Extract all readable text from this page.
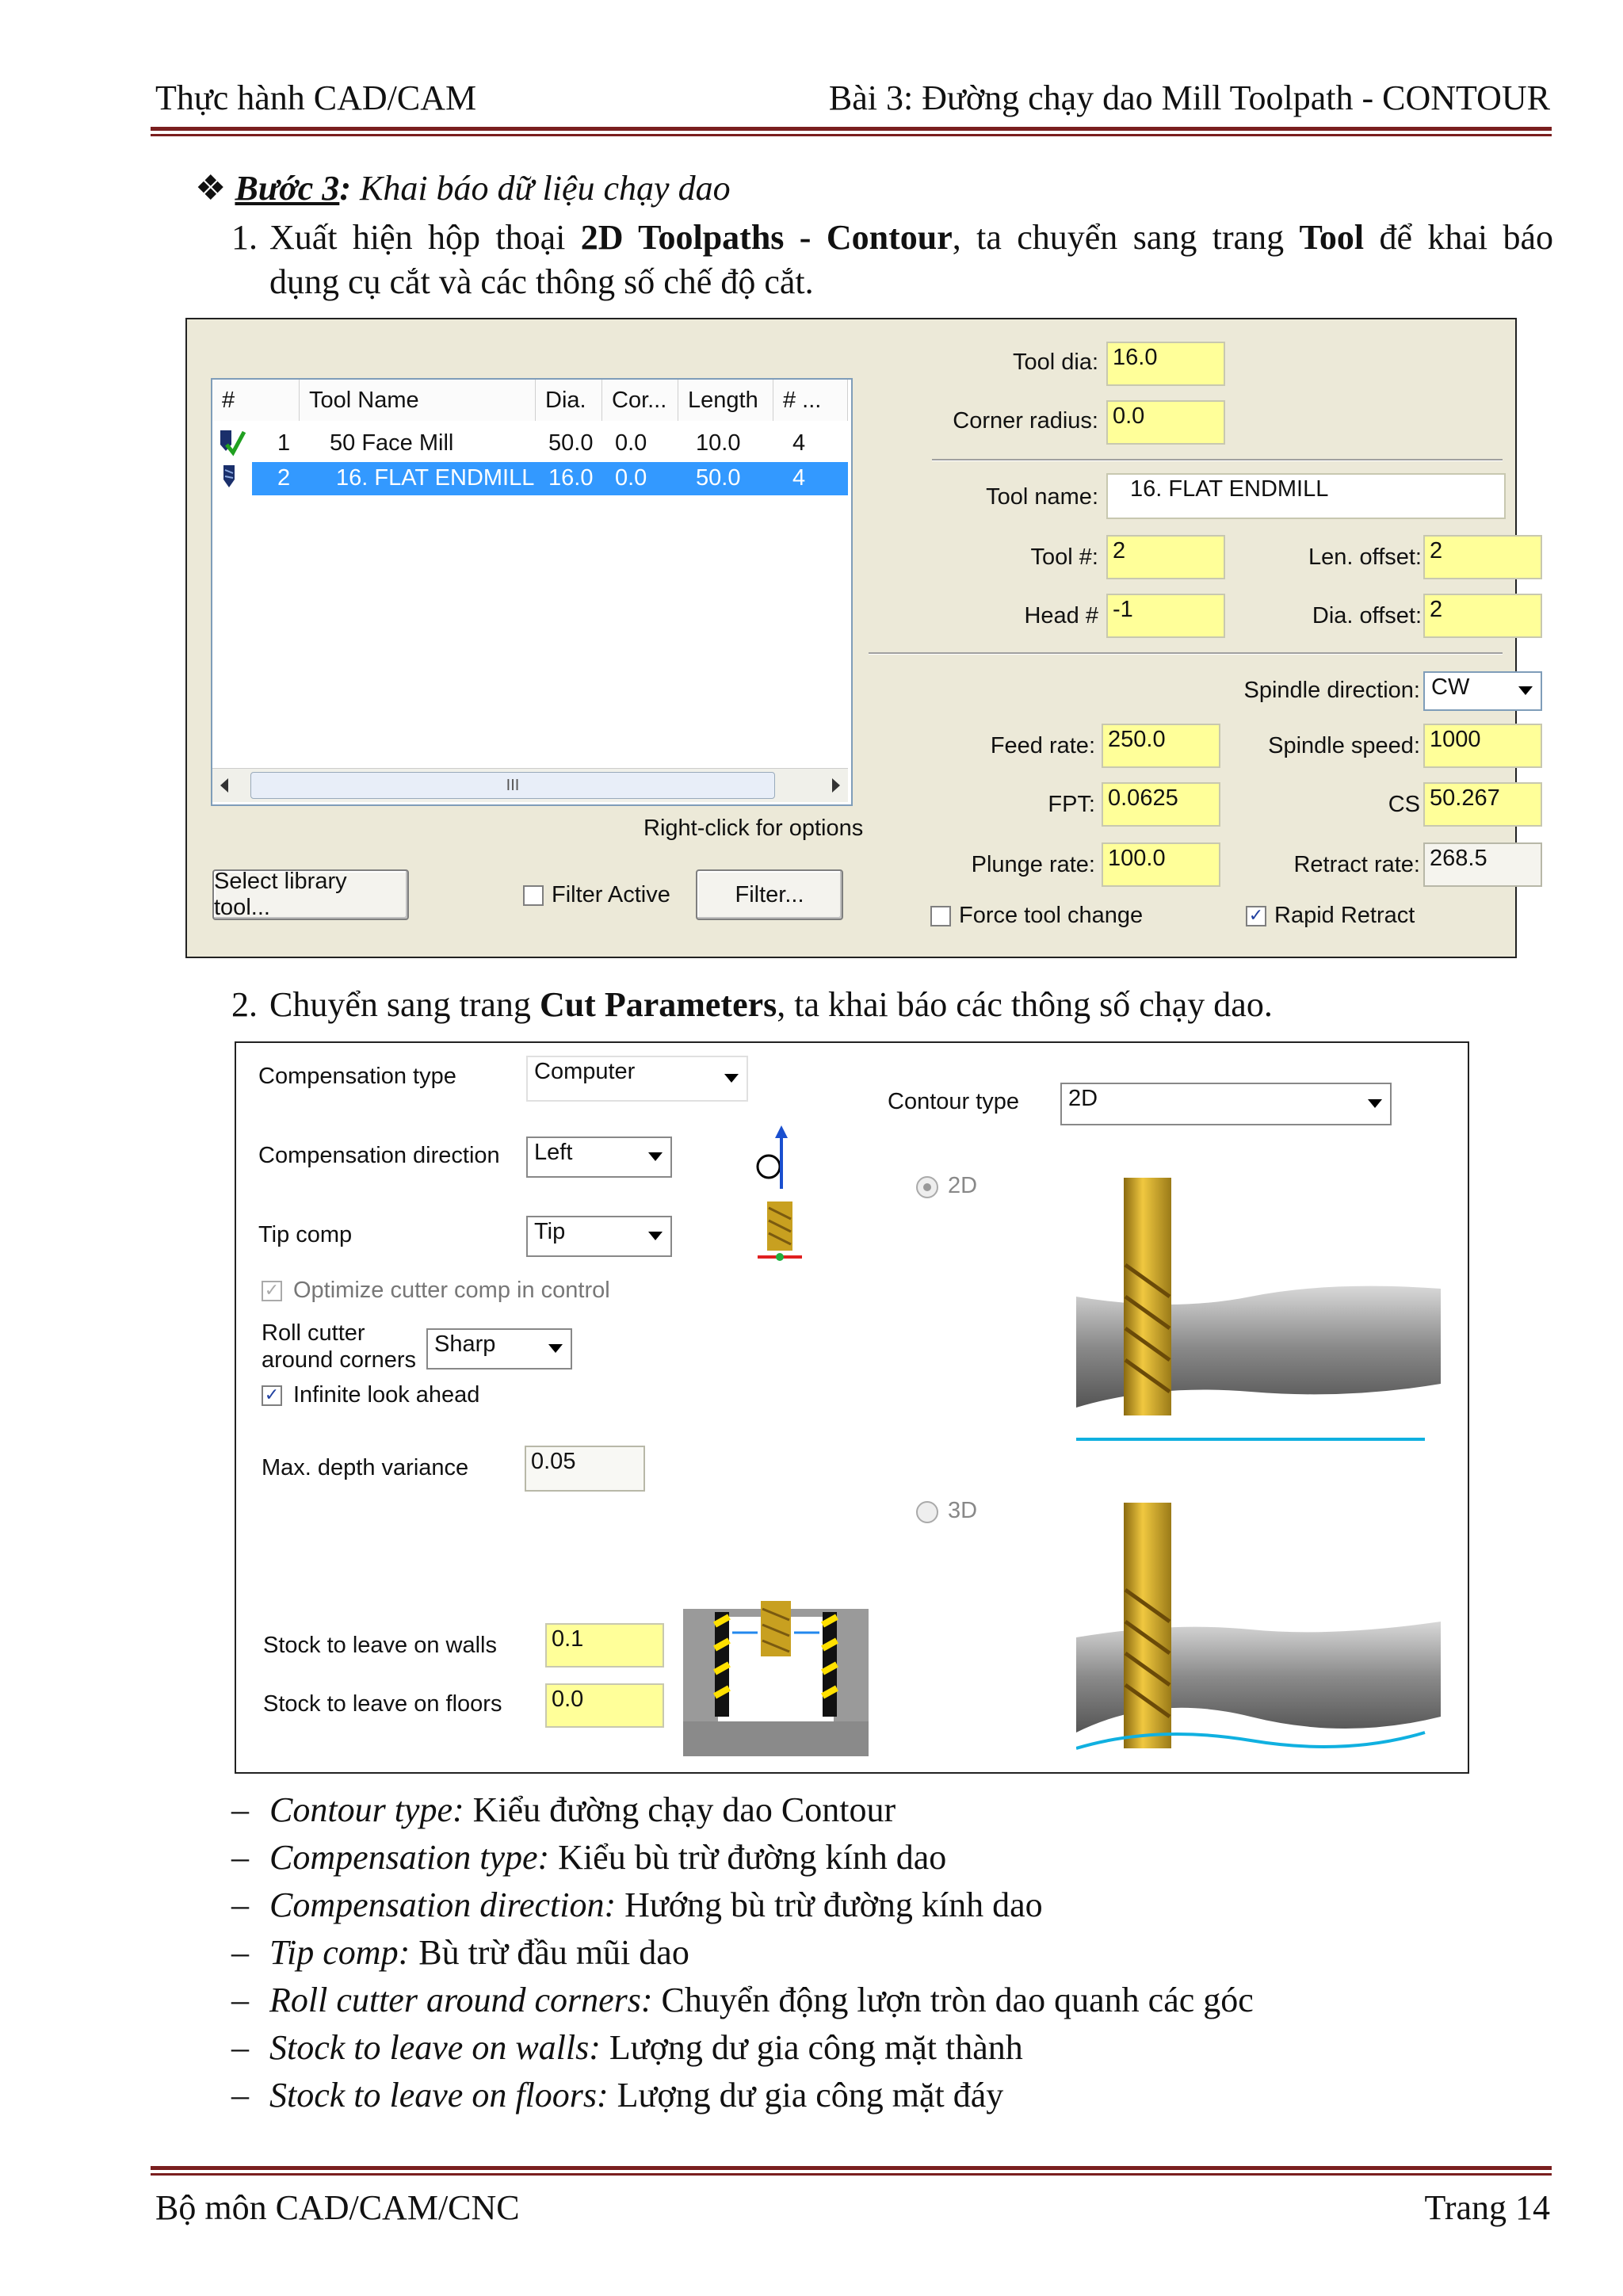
Thực hành CAD/CAM	Bài 3: Đường chạy dao Mill Toolpath - CONTOUR
❖ Bước 3: Khai báo dữ liệu chạy dao
1. Xuất hiện hộp thoại 2D Toolpaths - Contour, ta chuyển sang trang Tool để khai báo
dụng cụ cắt và các thông số chế độ cắt.
#	Tool Name	Dia.	Cor... Length	# ...
1 50 Face Mill	50.0 0.0 10.0 4
2 16. FLAT ENDMILL 16.0 0.0 50.0 4
III
Right-click for options
Select library tool...	Filter Active	Filter...
Tool dia: 16.0
Corner radius: 0.0
Tool name:	16. FLAT ENDMILL
Tool #: 2	Len. offset: 2
Head # -1	Dia. offset: 2
Spindle direction: CW
Feed rate: 250.0	Spindle speed: 1000
FPT: 0.0625	CS 50.267
Plunge rate: 100.0	Retract rate: 268.5
Force tool change	✓ Rapid Retract
2. Chuyển sang trang Cut Parameters, ta khai báo các thông số chạy dao.
Compensation type	Computer
Compensation direction	Left
Tip comp	Tip
✓ Optimize cutter comp in control
Roll cutter
around corners
Sharp
✓ Infinite look ahead
Max. depth variance	0.05
Stock to leave on walls 0.1
Stock to leave on floors 0.0
Contour type	2D
2D
3D
– Contour type: Kiểu đường chạy dao Contour
– Compensation type: Kiểu bù trừ đường kính dao
– Compensation direction: Hướng bù trừ đường kính dao
– Tip comp: Bù trừ đầu mũi dao
– Roll cutter around corners: Chuyển động lượn tròn dao quanh các góc
– Stock to leave on walls: Lượng dư gia công mặt thành
– Stock to leave on floors: Lượng dư gia công mặt đáy
Bộ môn CAD/CAM/CNC	Trang 14
